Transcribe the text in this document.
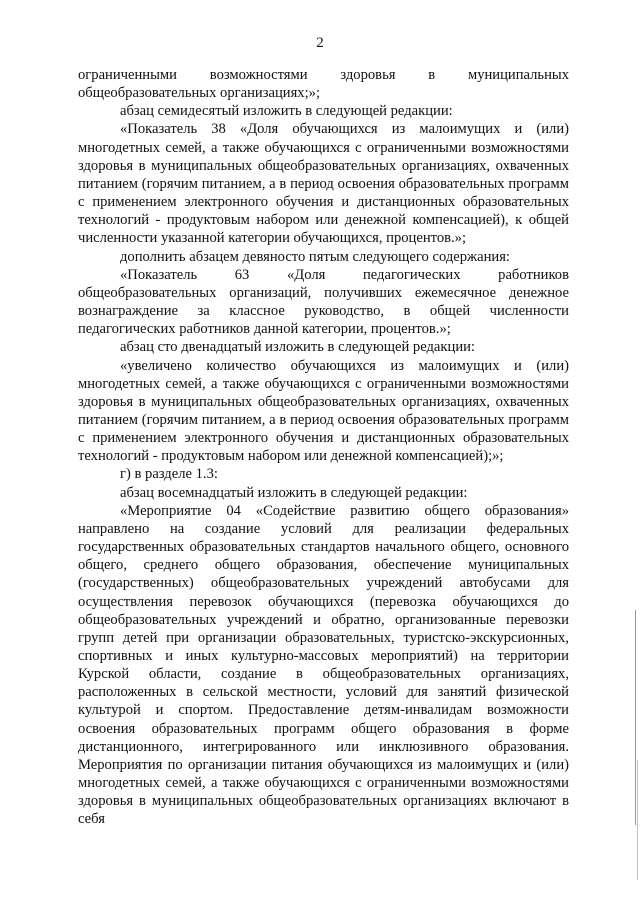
2

ограниченными возможностями здоровья в муниципальных общеобразовательных организациях;»;

абзац семидесятый изложить в следующей редакции:

«Показатель 38 «Доля обучающихся из малоимущих и (или) многодетных семей, а также обучающихся с ограниченными возможностями здоровья в муниципальных общеобразовательных организациях, охваченных питанием (горячим питанием, а в период освоения образовательных программ с применением электронного обучения и дистанционных образовательных технологий - продуктовым набором или денежной компенсацией), к общей численности указанной категории обучающихся, процентов.»;

дополнить абзацем девяносто пятым следующего содержания:

«Показатель 63 «Доля педагогических работников общеобразовательных организаций, получивших ежемесячное денежное вознаграждение за классное руководство, в общей численности педагогических работников данной категории, процентов.»;

абзац сто двенадцатый изложить в следующей редакции:

«увеличено количество обучающихся из малоимущих и (или) многодетных семей, а также обучающихся с ограниченными возможностями здоровья в муниципальных общеобразовательных организациях, охваченных питанием (горячим питанием, а в период освоения образовательных программ с применением электронного обучения и дистанционных образовательных технологий - продуктовым набором или денежной компенсацией);»;

г) в разделе 1.3:

абзац восемнадцатый изложить в следующей редакции:

«Мероприятие 04 «Содействие развитию общего образования» направлено на создание условий для реализации федеральных государственных образовательных стандартов начального общего, основного общего, среднего общего образования, обеспечение муниципальных (государственных) общеобразовательных учреждений автобусами для осуществления перевозок обучающихся (перевозка обучающихся до общеобразовательных учреждений и обратно, организованные перевозки групп детей при организации образовательных, туристско-экскурсионных, спортивных и иных культурно-массовых мероприятий) на территории Курской области, создание в общеобразовательных организациях, расположенных в сельской местности, условий для занятий физической культурой и спортом. Предоставление детям-инвалидам возможности освоения образовательных программ общего образования в форме дистанционного, интегрированного или инклюзивного образования. Мероприятия по организации питания обучающихся из малоимущих и (или) многодетных семей, а также обучающихся с ограниченными возможностями здоровья в муниципальных общеобразовательных организациях включают в себя
